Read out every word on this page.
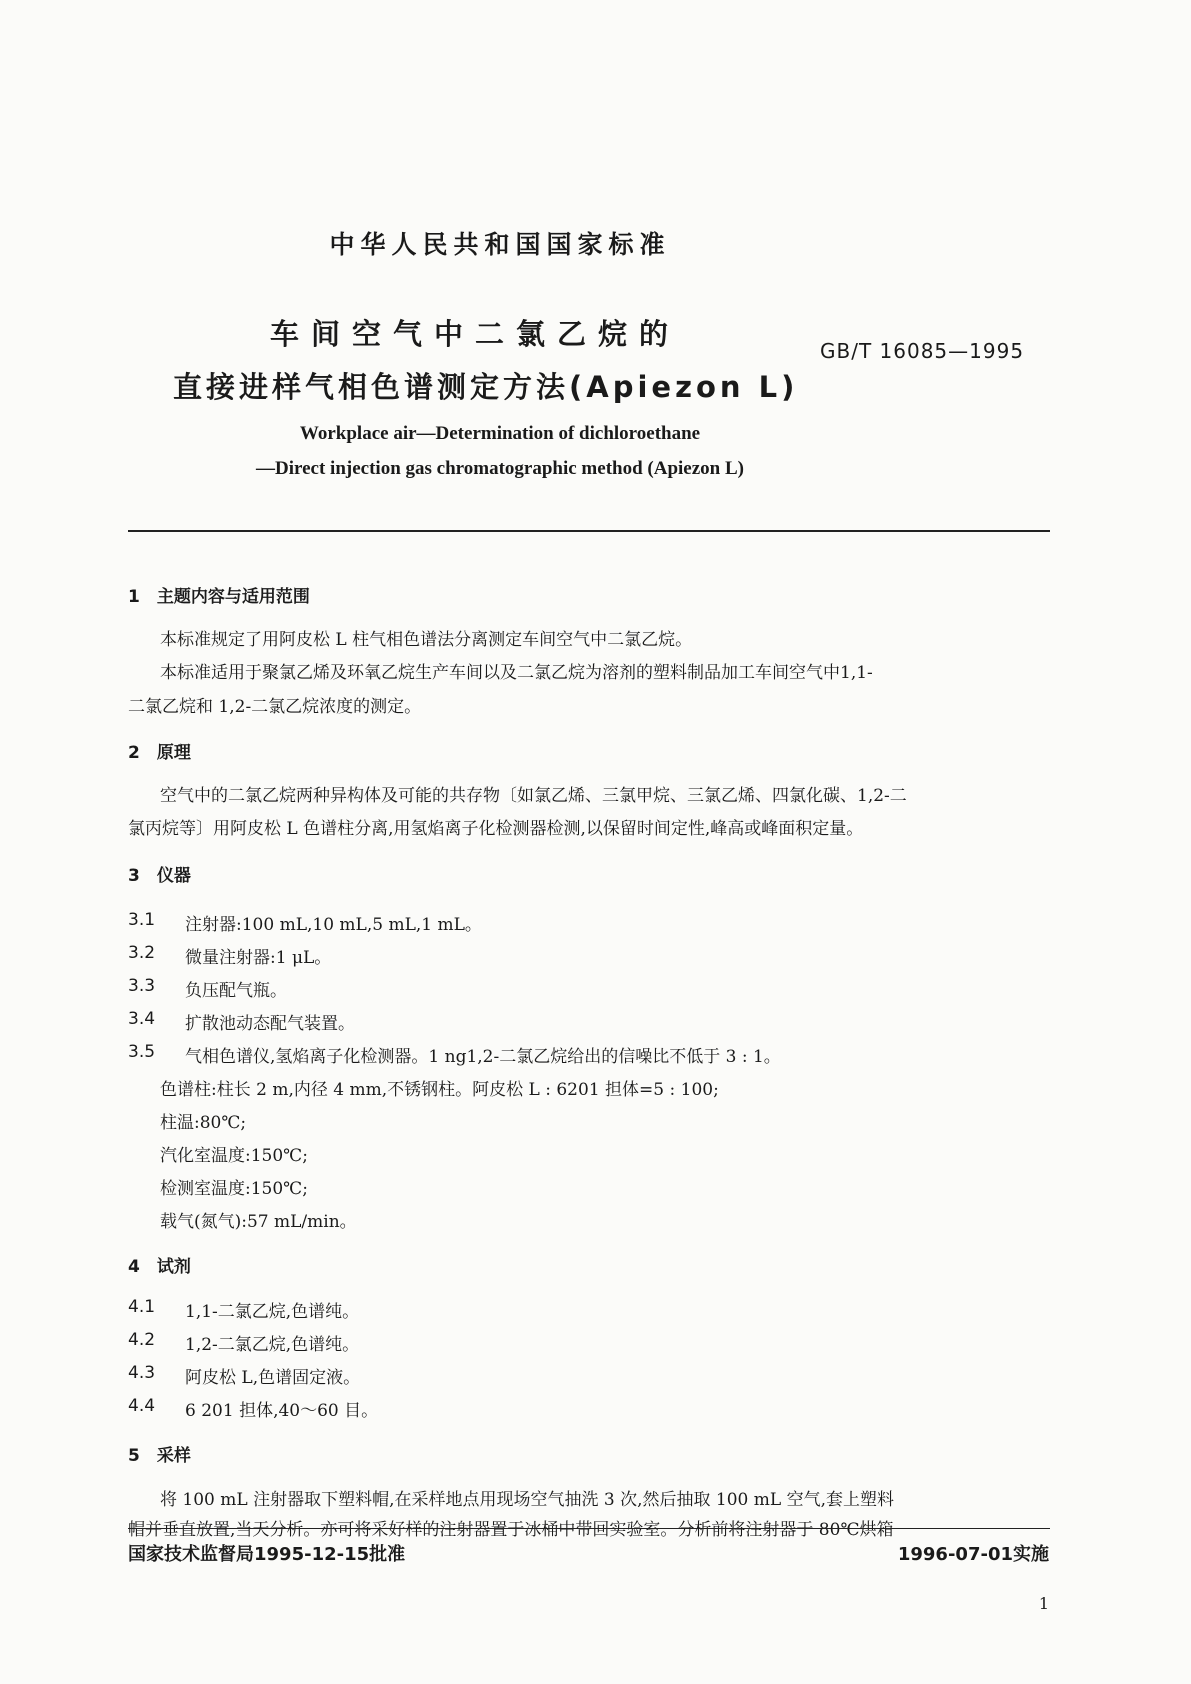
中华人民共和国国家标准
车间空气中二氯乙烷的
直接进样气相色谱测定方法(Apiezon L)
GB/T 16085—1995
Workplace air—Determination of dichloroethane
—Direct injection gas chromatographic method (Apiezon L)
1　主题内容与适用范围
本标准规定了用阿皮松 L 柱气相色谱法分离测定车间空气中二氯乙烷。
本标准适用于聚氯乙烯及环氧乙烷生产车间以及二氯乙烷为溶剂的塑料制品加工车间空气中1,1-
二氯乙烷和 1,2-二氯乙烷浓度的测定。
2　原理
空气中的二氯乙烷两种异构体及可能的共存物〔如氯乙烯、三氯甲烷、三氯乙烯、四氯化碳、1,2-二
氯丙烷等〕用阿皮松 L 色谱柱分离,用氢焰离子化检测器检测,以保留时间定性,峰高或峰面积定量。
3　仪器
3.1 注射器:100 mL,10 mL,5 mL,1 mL。
3.2 微量注射器:1 μL。
3.3 负压配气瓶。
3.4 扩散池动态配气装置。
3.5 气相色谱仪,氢焰离子化检测器。1 ng1,2-二氯乙烷给出的信噪比不低于 3 : 1。
色谱柱:柱长 2 m,内径 4 mm,不锈钢柱。阿皮松 L : 6201 担体=5 : 100;
柱温:80℃;
汽化室温度:150℃;
检测室温度:150℃;
载气(氮气):57 mL/min。
4　试剂
4.1 1,1-二氯乙烷,色谱纯。
4.2 1,2-二氯乙烷,色谱纯。
4.3 阿皮松 L,色谱固定液。
4.4 6 201 担体,40～60 目。
5　采样
将 100 mL 注射器取下塑料帽,在采样地点用现场空气抽洗 3 次,然后抽取 100 mL 空气,套上塑料
帽并垂直放置,当天分析。亦可将采好样的注射器置于冰桶中带回实验室。分析前将注射器于 80℃烘箱
国家技术监督局1995-12-15批准	1996-07-01实施
1
